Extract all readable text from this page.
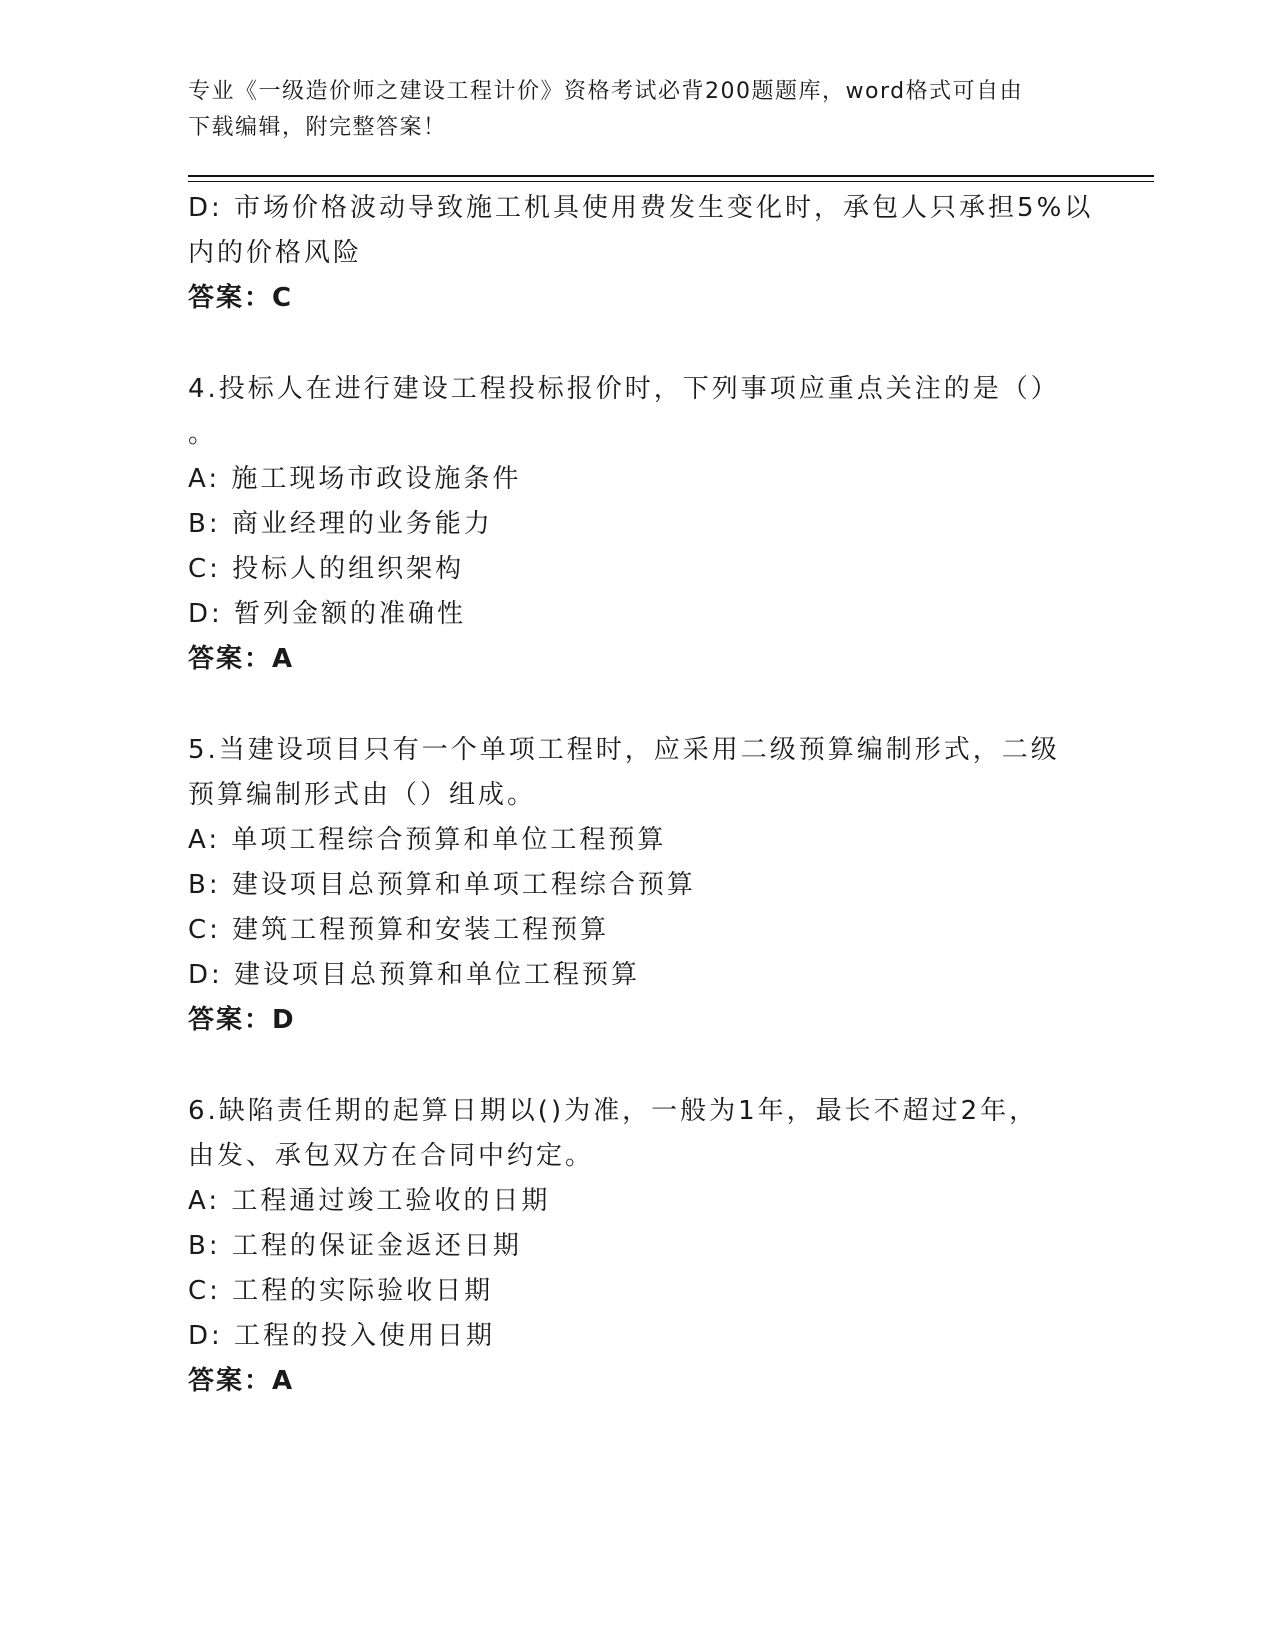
专业《一级造价师之建设工程计价》资格考试必背200题题库，word格式可自由
下载编辑，附完整答案！
D: 市场价格波动导致施工机具使用费发生变化时，承包人只承担5%以
内的价格风险
答案：C
4.投标人在进行建设工程投标报价时，下列事项应重点关注的是（）
。
A: 施工现场市政设施条件
B: 商业经理的业务能力
C: 投标人的组织架构
D: 暂列金额的准确性
答案：A
5.当建设项目只有一个单项工程时，应采用二级预算编制形式，二级
预算编制形式由（）组成。
A: 单项工程综合预算和单位工程预算
B: 建设项目总预算和单项工程综合预算
C: 建筑工程预算和安装工程预算
D: 建设项目总预算和单位工程预算
答案：D
6.缺陷责任期的起算日期以()为准，一般为1年，最长不超过2年，
由发、承包双方在合同中约定。
A: 工程通过竣工验收的日期
B: 工程的保证金返还日期
C: 工程的实际验收日期
D: 工程的投入使用日期
答案：A
